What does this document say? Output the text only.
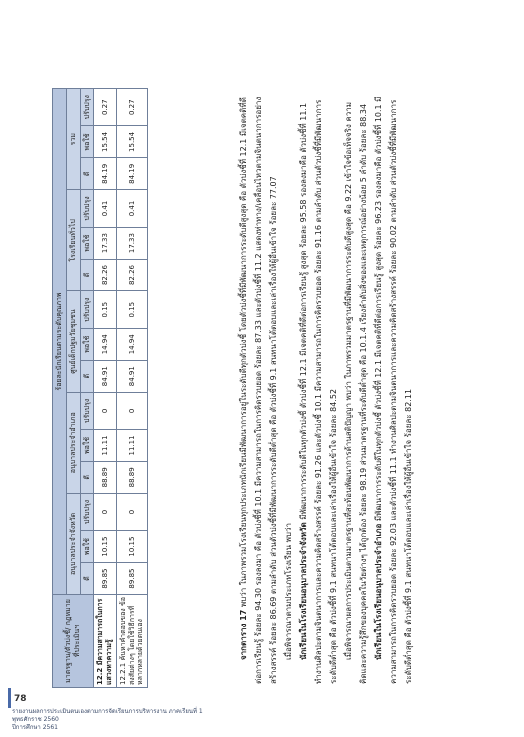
78
รายงานผลการประเมินตนเองตามการจัดเรียนการบริหารงาน ภาคเรียนที่ 1 พุทธศักราช 2560
ปีการศึกษา 2561
มาตรฐาน/ตัวบ่งชี้/ กฏหมายที่ประเมินฯ	ร้อยละนักเรียนตามระดับคุณภาพ														
	อนุบาลประจำจังหวัด			อนุบาลประจำอำเภอ			ศูนย์เด็กปฐมวัยชุมชน			โรงเรียนทั่วไป			รวม		
	ดี	พอใช้	ปรับปรุง	ดี	พอใช้	ปรับปรุง	ดี	พอใช้	ปรับปรุง	ดี	พอใช้	ปรับปรุง	ดี	พอใช้	ปรับปรุง
12.2 มีความสามารถในการแสวงหาความรู้	89.85	10.15	0	88.89	11.11	0	84.91	14.94	0.15	82.26	17.33	0.41	84.19	15.54	0.27
12.2.1 ค้นหาคำตอบของ ข้อสงสัยต่างๆ โดยใช้วิธีการที่หลากหลายด้วยตนเอง	89.85	10.15	0	88.89	11.11	0	84.91	14.94	0.15	82.26	17.33	0.41	84.19	15.54	0.27

จากตาราง 17 พบว่า ในภาพรวมโรงเรียนทุกประเภทนักเรียนมีพัฒนาการอยู่ในระดับดีทุกตัวบ่งชี้ โดยตัวบ่งชี้ที่มีพัฒนาการระดับดีสูงสุด คือ ตัวบ่งชี้ที่ 12.1 มีเจตคติที่ดีต่อการเรียนรู้ ร้อยละ 94.30 รองลงมา คือ ตัวบ่งชี้ที่ 10.1 มีความสามารถในการคิดรวบยอด ร้อยละ 87.33 และตัวบ่งชี้ที่ 11.2 แสดงท่าทาง/เคลื่อนไหวตามจินตนาการอย่างสร้างสรรค์ ร้อยละ 86.69 ตามลำดับ ส่วนตัวบ่งชี้ที่มีพัฒนาการระดับดีต่ำสุด คือ ตัวบ่งชี้ที่ 9.1 สนทนาโต้ตอบและเล่าเรื่องให้ผู้อื่นเข้าใจ ร้อยละ 77.07 เมื่อพิจารณาตามประเภทโรงเรียน พบว่า นักเรียนในโรงเรียนอนุบาลประจำจังหวัด มีพัฒนาการระดับดีในทุกตัวบ่งชี้ ตัวบ่งชี้ที่ 12.1 มีเจตคติที่ดีต่อการเรียนรู้ สูงสุด ร้อยละ 95.58 รองลงมาคือ ตัวบ่งชี้ที่ 11.1 ทำงานศิลปะตามจินตนาการและความคิดสร้างสรรค์ ร้อยละ 91.26 และตัวบ่งชี้ 10.1 มีความสามารถในการคิดรวบยอด ร้อยละ 91.16 ตามลำดับ ส่วนตัวบ่งชี้ที่มีพัฒนาการระดับดีต่ำสุด คือ ตัวบ่งชี้ที่ 9.1 สนทนาโต้ตอบและเล่าเรื่องให้ผู้อื่นเข้าใจ ร้อยละ 84.52 เมื่อพิจารณาผลการประเมินตามมาตรฐานที่สะท้อนพัฒนาการด้านสติปัญญา พบว่า ในภาพรวมมาตรฐานที่มีพัฒนาการระดับดีสูงสุด คือ 9.22 เข้าใจข้อเท็จจริง ความคิดและความรู้สึกของบุคคลในวัยต่างๆ ได้ถูกต้อง ร้อยละ 98.19 ส่วนมาตรฐานที่ระดับดีต่ำสุด คือ 10.1.4 เรียงลำดับสิ่งของและเหตุการณ์อย่างน้อย 5 ลำดับ ร้อยละ 88.34 นักเรียนในโรงเรียนอนุบาลประจำอำเภอ มีพัฒนาการระดับดีในทุกตัวบ่งชี้ ตัวบ่งชี้ที่ 12.1 มีเจตคติที่ดีต่อการเรียนรู้ สูงสุด ร้อยละ 96.23 รองลงมาคือ ตัวบ่งชี้ที่ 10.1 มีความสามารถในการคิดรวบยอด ร้อยละ 92.03 และตัวบ่งชี้ที่ 11.1 ทำงานศิลปะตามจินตนาการและความคิดสร้างสรรค์ ร้อยละ 90.02 ตามลำดับ ส่วนตัวบ่งชี้ที่มีพัฒนาการระดับดีต่ำสุด คือ ตัวบ่งชี้ที่ 9.1 สนทนาโต้ตอบและเล่าเรื่องให้ผู้อื่นเข้าใจ ร้อยละ 82.11
